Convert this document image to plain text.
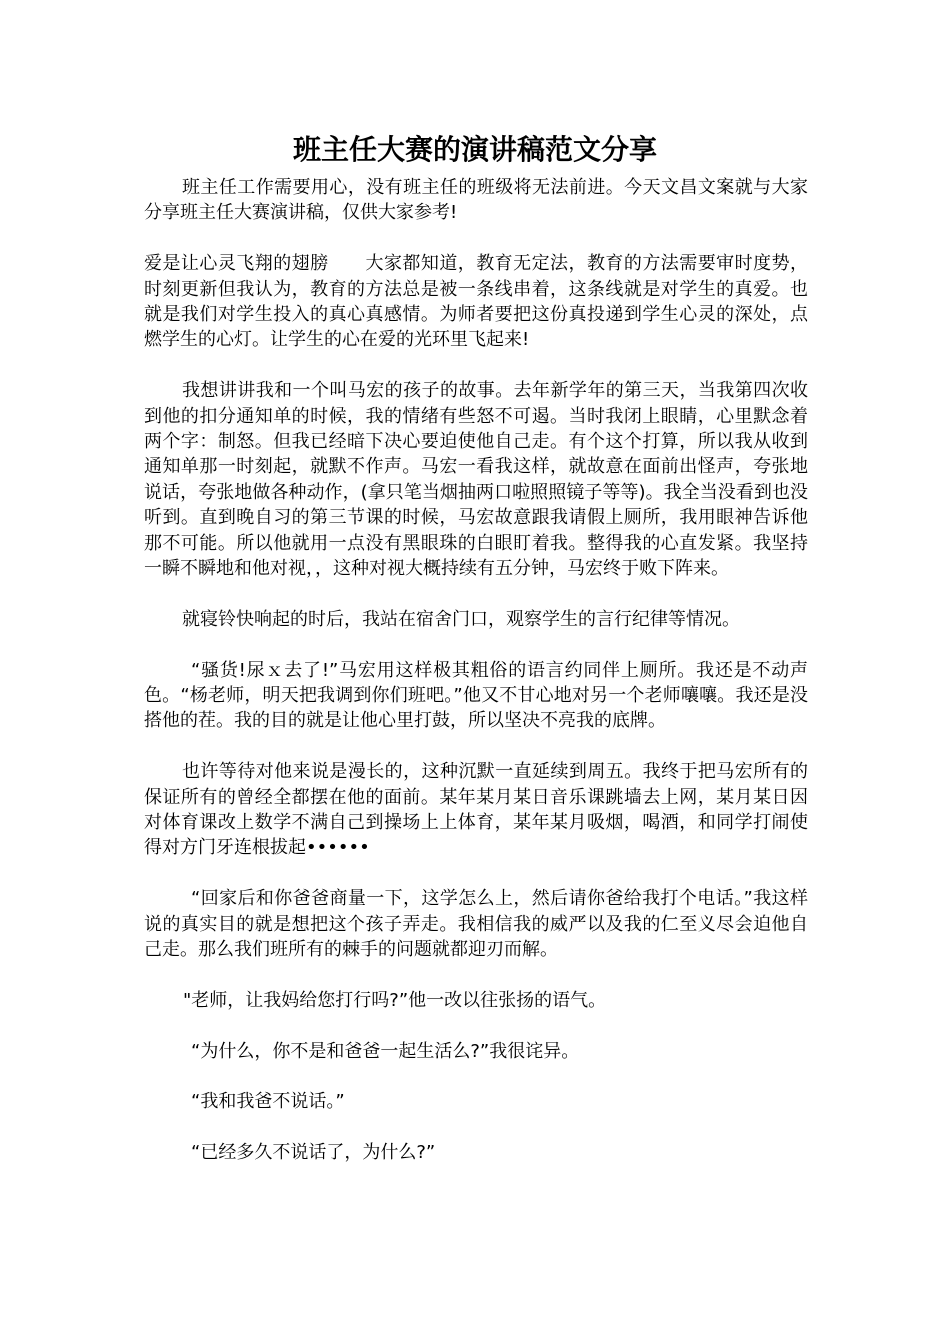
班主任大赛的演讲稿范文分享

班主任工作需要用心，没有班主任的班级将无法前进。今天文昌文案就与大家分享班主任大赛演讲稿，仅供大家参考!

爱是让心灵飞翔的翅膀　　大家都知道，教育无定法，教育的方法需要审时度势，时刻更新但我认为，教育的方法总是被一条线串着，这条线就是对学生的真爱。也就是我们对学生投入的真心真感情。为师者要把这份真投递到学生心灵的深处，点燃学生的心灯。让学生的心在爱的光环里飞起来!

我想讲讲我和一个叫马宏的孩子的故事。去年新学年的第三天，当我第四次收到他的扣分通知单的时候，我的情绪有些怒不可遏。当时我闭上眼睛，心里默念着两个字：制怒。但我已经暗下决心要迫使他自己走。有个这个打算，所以我从收到通知单那一时刻起，就默不作声。马宏一看我这样，就故意在面前出怪声，夸张地说话，夸张地做各种动作，(拿只笔当烟抽两口啦照照镜子等等)。我全当没看到也没听到。直到晚自习的第三节课的时候，马宏故意跟我请假上厕所，我用眼神告诉他那不可能。所以他就用一点没有黑眼珠的白眼盯着我。整得我的心直发紧。我坚持一瞬不瞬地和他对视，，这种对视大概持续有五分钟，马宏终于败下阵来。

就寝铃快响起的时后，我站在宿舍门口，观察学生的言行纪律等情况。

“骚货!尿ｘ去了!”马宏用这样极其粗俗的语言约同伴上厕所。我还是不动声色。“杨老师，明天把我调到你们班吧。”他又不甘心地对另一个老师嚷嚷。我还是没搭他的茬。我的目的就是让他心里打鼓，所以坚决不亮我的底牌。

也许等待对他来说是漫长的，这种沉默一直延续到周五。我终于把马宏所有的保证所有的曾经全都摆在他的面前。某年某月某日音乐课跳墙去上网，某月某日因对体育课改上数学不满自己到操场上上体育，某年某月吸烟，喝酒，和同学打闹使得对方门牙连根拔起••••••

“回家后和你爸爸商量一下，这学怎么上，然后请你爸给我打个电话。”我这样说的真实目的就是想把这个孩子弄走。我相信我的威严以及我的仁至义尽会迫他自己走。那么我们班所有的棘手的问题就都迎刃而解。

"老师，让我妈给您打行吗?”他一改以往张扬的语气。

“为什么，你不是和爸爸一起生活么?”我很诧异。

“我和我爸不说话。”

“已经多久不说话了，为什么?”
